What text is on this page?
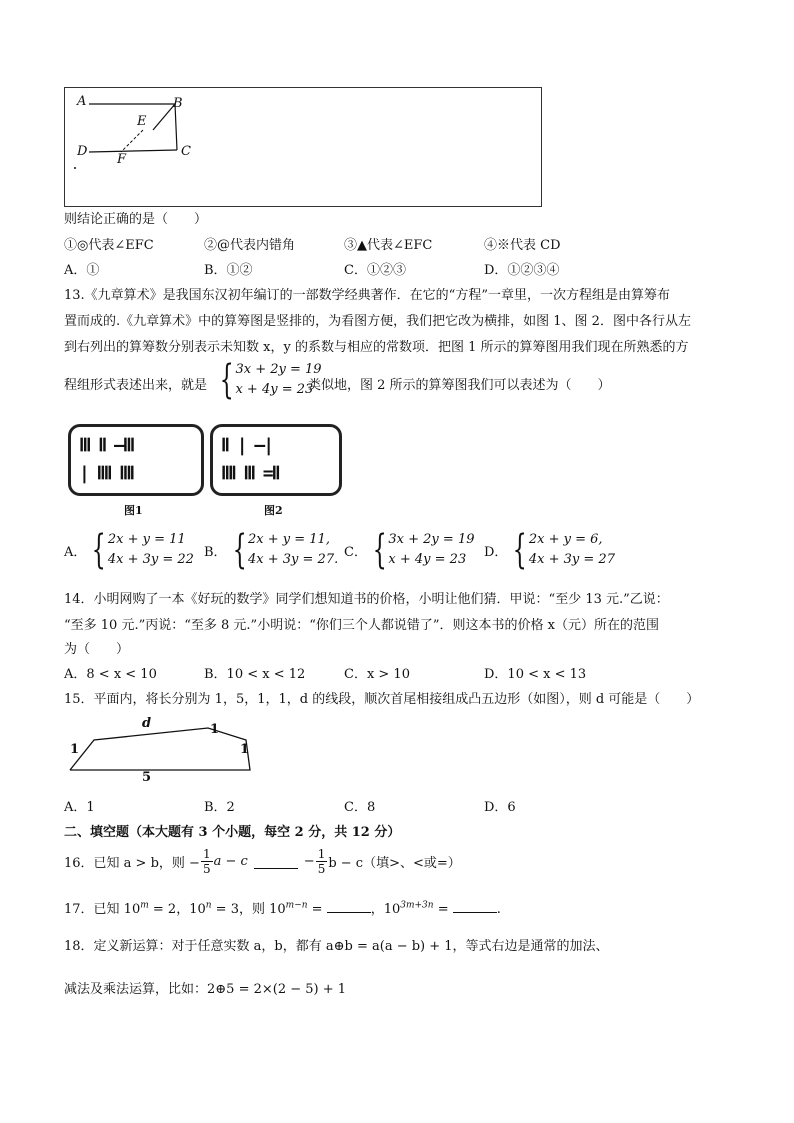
A	B
E
D
F
C
则结论正确的是（　　）
①◎代表∠EFC	②@代表内错角	③▲代表∠EFC	④※代表 CD
A．①	B．①②	C．①②③	D．①②③④
13.《九章算术》是我国东汉初年编订的一部数学经典著作．在它的“方程”一章里，一次方程组是由算筹布
置而成的.《九章算术》中的算筹图是竖排的，为看图方便，我们把它改为横排，如图 1、图 2．图中各行从左
到右列出的算筹数分别表示未知数 x，y 的系数与相应的常数项．把图 1 所示的算筹图用我们现在所熟悉的方
程组形式表述出来，就是 { 3x + 2y = 19
x + 4y = 23
类似地，图 2 所示的算筹图我们可以表述为（　　）
Ⅲ Ⅱ —Ⅲ
| ⅢⅠ ⅢⅠ
Ⅱ | —|
ⅢⅠ Ⅲ =Ⅱ
图1	图2
A． { 2x + y = 11
4x + 3y = 22 B． { 2x + y = 11,
4x + 3y = 27. C． { 3x + 2y = 19
x + 4y = 23	D． { 2x + y = 6,
4x + 3y = 27
14．小明网购了一本《好玩的数学》同学们想知道书的价格，小明让他们猜．甲说：“至少 13 元.”乙说：
“至多 10 元.”丙说：“至多 8 元.”小明说：“你们三个人都说错了”．则这本书的价格 x（元）所在的范围
为（　　）
A．8 < x < 10	B．10 < x < 12	C．x > 10	D．10 < x < 13
15．平面内，将长分别为 1，5，1，1，d 的线段，顺次首尾相接组成凸五边形（如图），则 d 可能是（　　）
d
1
1
1
5
A．1	B．2	C．8	D．6
二、填空题（本大题有 3 个小题，每空 2 分，共 12 分）
16．已知 a > b，则 − $\frac{1}{5}$ a − c	− $\frac{1}{5}$ b − c（填>、<或=）
17．已知 $10^m = 2$，$10^n = 3$，则 $10^{m-n}$ =	，$10^{3m+3n}$ =	.
18．定义新运算：对于任意实数 a，b，都有 a⊕b = a(a − b) + 1，等式右边是通常的加法、
减法及乘法运算，比如：2⊕5 = 2×(2 − 5) + 1
